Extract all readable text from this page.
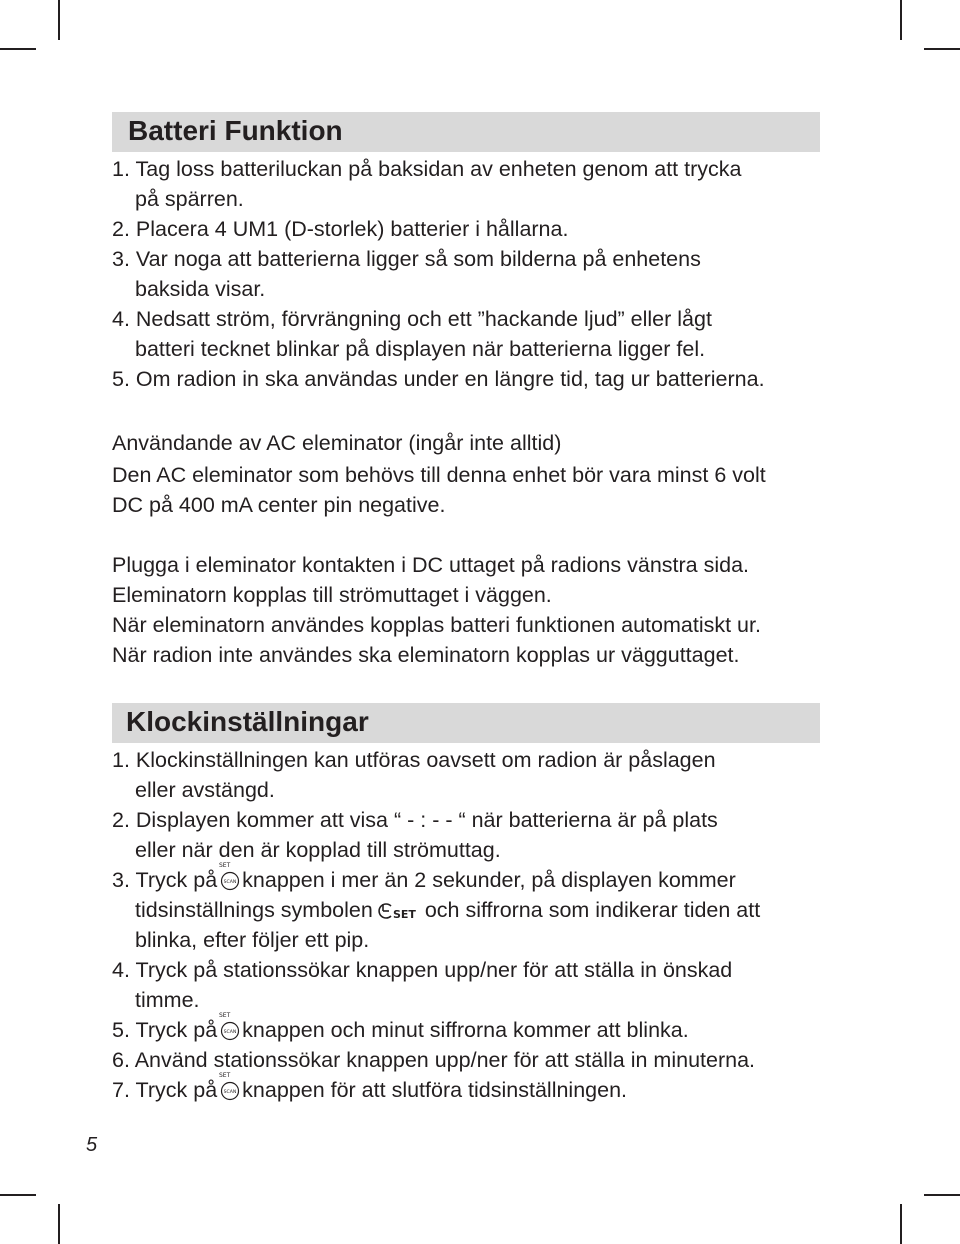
Batteri Funktion
1. Tag loss batteriluckan på baksidan av enheten genom att trycka
på spärren.
2. Placera 4 UM1 (D-storlek) batterier i hållarna.
3. Var noga att batterierna ligger så som bilderna på enhetens
baksida visar.
4. Nedsatt ström, förvrängning och ett ”hackande ljud” eller lågt
batteri tecknet blinkar på displayen när batterierna ligger fel.
5. Om radion in ska användas under en längre tid, tag ur batterierna.
Användande av AC eleminator (ingår inte alltid)
Den AC eleminator som behövs till denna enhet bör vara minst 6 volt
DC på 400 mA center pin negative.
Plugga i eleminator kontakten i DC uttaget på radions vänstra sida.
Eleminatorn kopplas till strömuttaget i väggen.
När eleminatorn användes kopplas batteri funktionen automatiskt ur.
När radion inte användes ska eleminatorn kopplas ur vägguttaget.
Klockinställningar
1. Klockinställningen kan utföras oavsett om radion är påslagen
eller avstängd.
2. Displayen kommer att visa “ - : - - “ när batterierna är på plats
eller när den är kopplad till strömuttag.
3. Tryck på
SET
SCAN knappen i mer än 2 sekunder, på displayen kommer
tidsinställnings symbolen SET och siffrorna som indikerar tiden att
blinka, efter följer ett pip.
4. Tryck på stationssökar knappen upp/ner för att ställa in önskad
timme.
5. Tryck på
SET
SCAN knappen och minut siffrorna kommer att blinka.
6. Använd stationssökar knappen upp/ner för att ställa in minuterna.
7. Tryck på
SET
SCAN knappen för att slutföra tidsinställningen.
5
